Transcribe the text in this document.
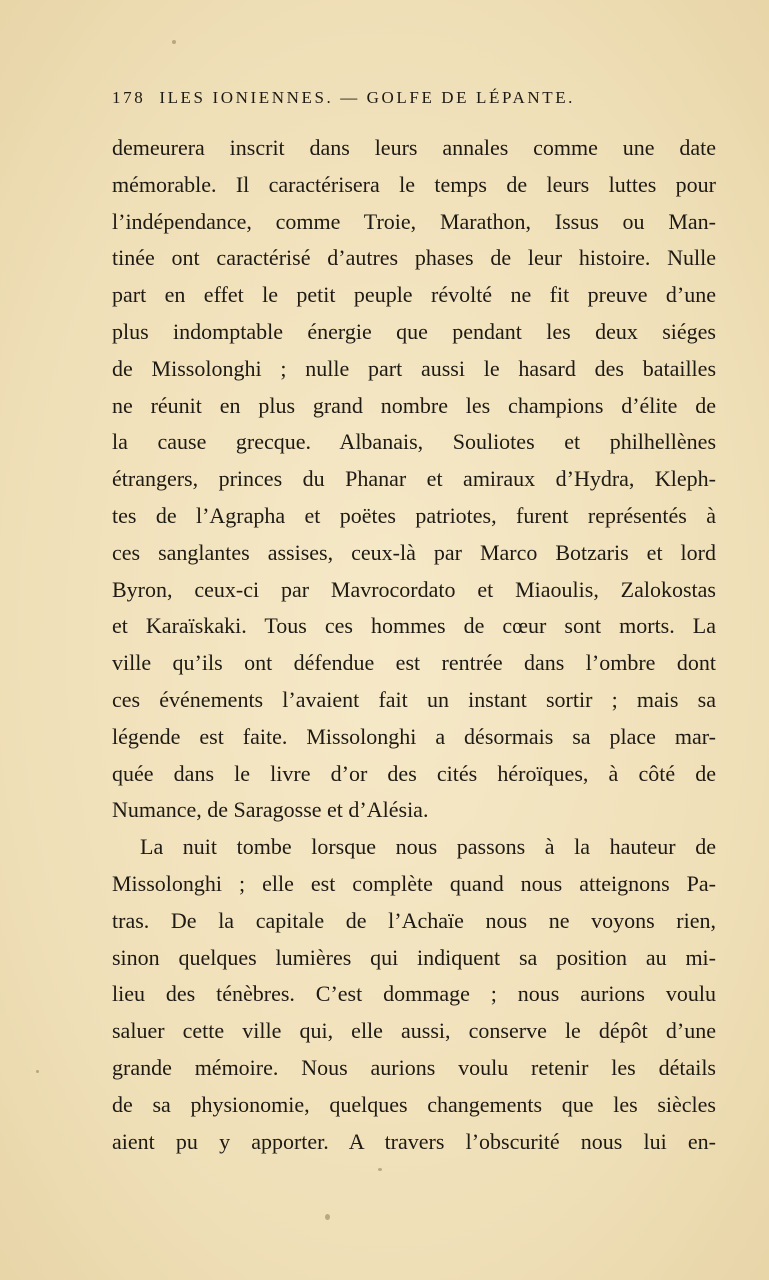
178 ILES IONIENNES. — GOLFE DE LÉPANTE.
demeurera inscrit dans leurs annales comme une date
mémorable. Il caractérisera le temps de leurs luttes pour
l’indépendance, comme Troie, Marathon, Issus ou Man-
tinée ont caractérisé d’autres phases de leur histoire. Nulle
part en effet le petit peuple révolté ne fit preuve d’une
plus indomptable énergie que pendant les deux siéges
de Missolonghi ; nulle part aussi le hasard des batailles
ne réunit en plus grand nombre les champions d’élite de
la cause grecque. Albanais, Souliotes et philhellènes
étrangers, princes du Phanar et amiraux d’Hydra, Kleph-
tes de l’Agrapha et poëtes patriotes, furent représentés à
ces sanglantes assises, ceux-là par Marco Botzaris et lord
Byron, ceux-ci par Mavrocordato et Miaoulis, Zalokostas
et Karaïskaki. Tous ces hommes de cœur sont morts. La
ville qu’ils ont défendue est rentrée dans l’ombre dont
ces événements l’avaient fait un instant sortir ; mais sa
légende est faite. Missolonghi a désormais sa place mar-
quée dans le livre d’or des cités héroïques, à côté de
Numance, de Saragosse et d’Alésia.
La nuit tombe lorsque nous passons à la hauteur de
Missolonghi ; elle est complète quand nous atteignons Pa-
tras. De la capitale de l’Achaïe nous ne voyons rien,
sinon quelques lumières qui indiquent sa position au mi-
lieu des ténèbres. C’est dommage ; nous aurions voulu
saluer cette ville qui, elle aussi, conserve le dépôt d’une
grande mémoire. Nous aurions voulu retenir les détails
de sa physionomie, quelques changements que les siècles
aient pu y apporter. A travers l’obscurité nous lui en-
